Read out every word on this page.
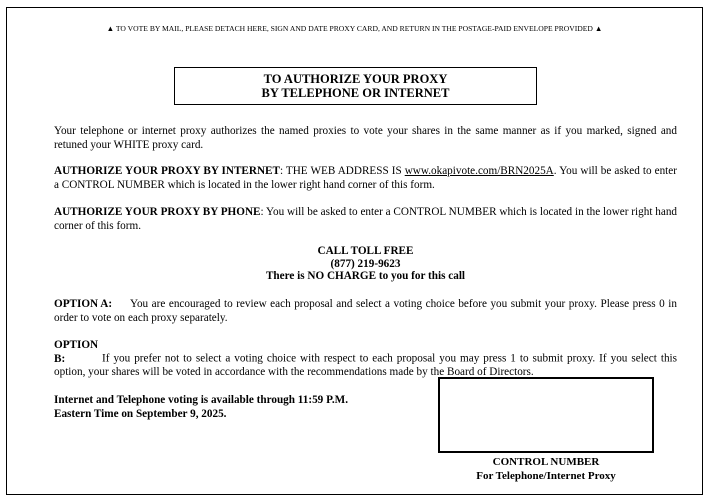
▲ TO VOTE BY MAIL, PLEASE DETACH HERE, SIGN AND DATE PROXY CARD, AND RETURN IN THE POSTAGE-PAID ENVELOPE PROVIDED ▲
TO AUTHORIZE YOUR PROXY
BY TELEPHONE OR INTERNET
Your telephone or internet proxy authorizes the named proxies to vote your shares in the same manner as if you marked, signed and retuned your WHITE proxy card.
AUTHORIZE YOUR PROXY BY INTERNET: THE WEB ADDRESS IS www.okapivote.com/BRN2025A. You will be asked to enter a CONTROL NUMBER which is located in the lower right hand corner of this form.
AUTHORIZE YOUR PROXY BY PHONE: You will be asked to enter a CONTROL NUMBER which is located in the lower right hand corner of this form.
CALL TOLL FREE
(877) 219-9623
There is NO CHARGE to you for this call
OPTION A: You are encouraged to review each proposal and select a voting choice before you submit your proxy. Please press 0 in order to vote on each proxy separately.
OPTION B:	If you prefer not to select a voting choice with respect to each proposal you may press 1 to submit proxy. If you select this option, your shares will be voted in accordance with the recommendations made by the Board of Directors.
Internet and Telephone voting is available through 11:59 P.M.
Eastern Time on September 9, 2025.
CONTROL NUMBER
For Telephone/Internet Proxy
